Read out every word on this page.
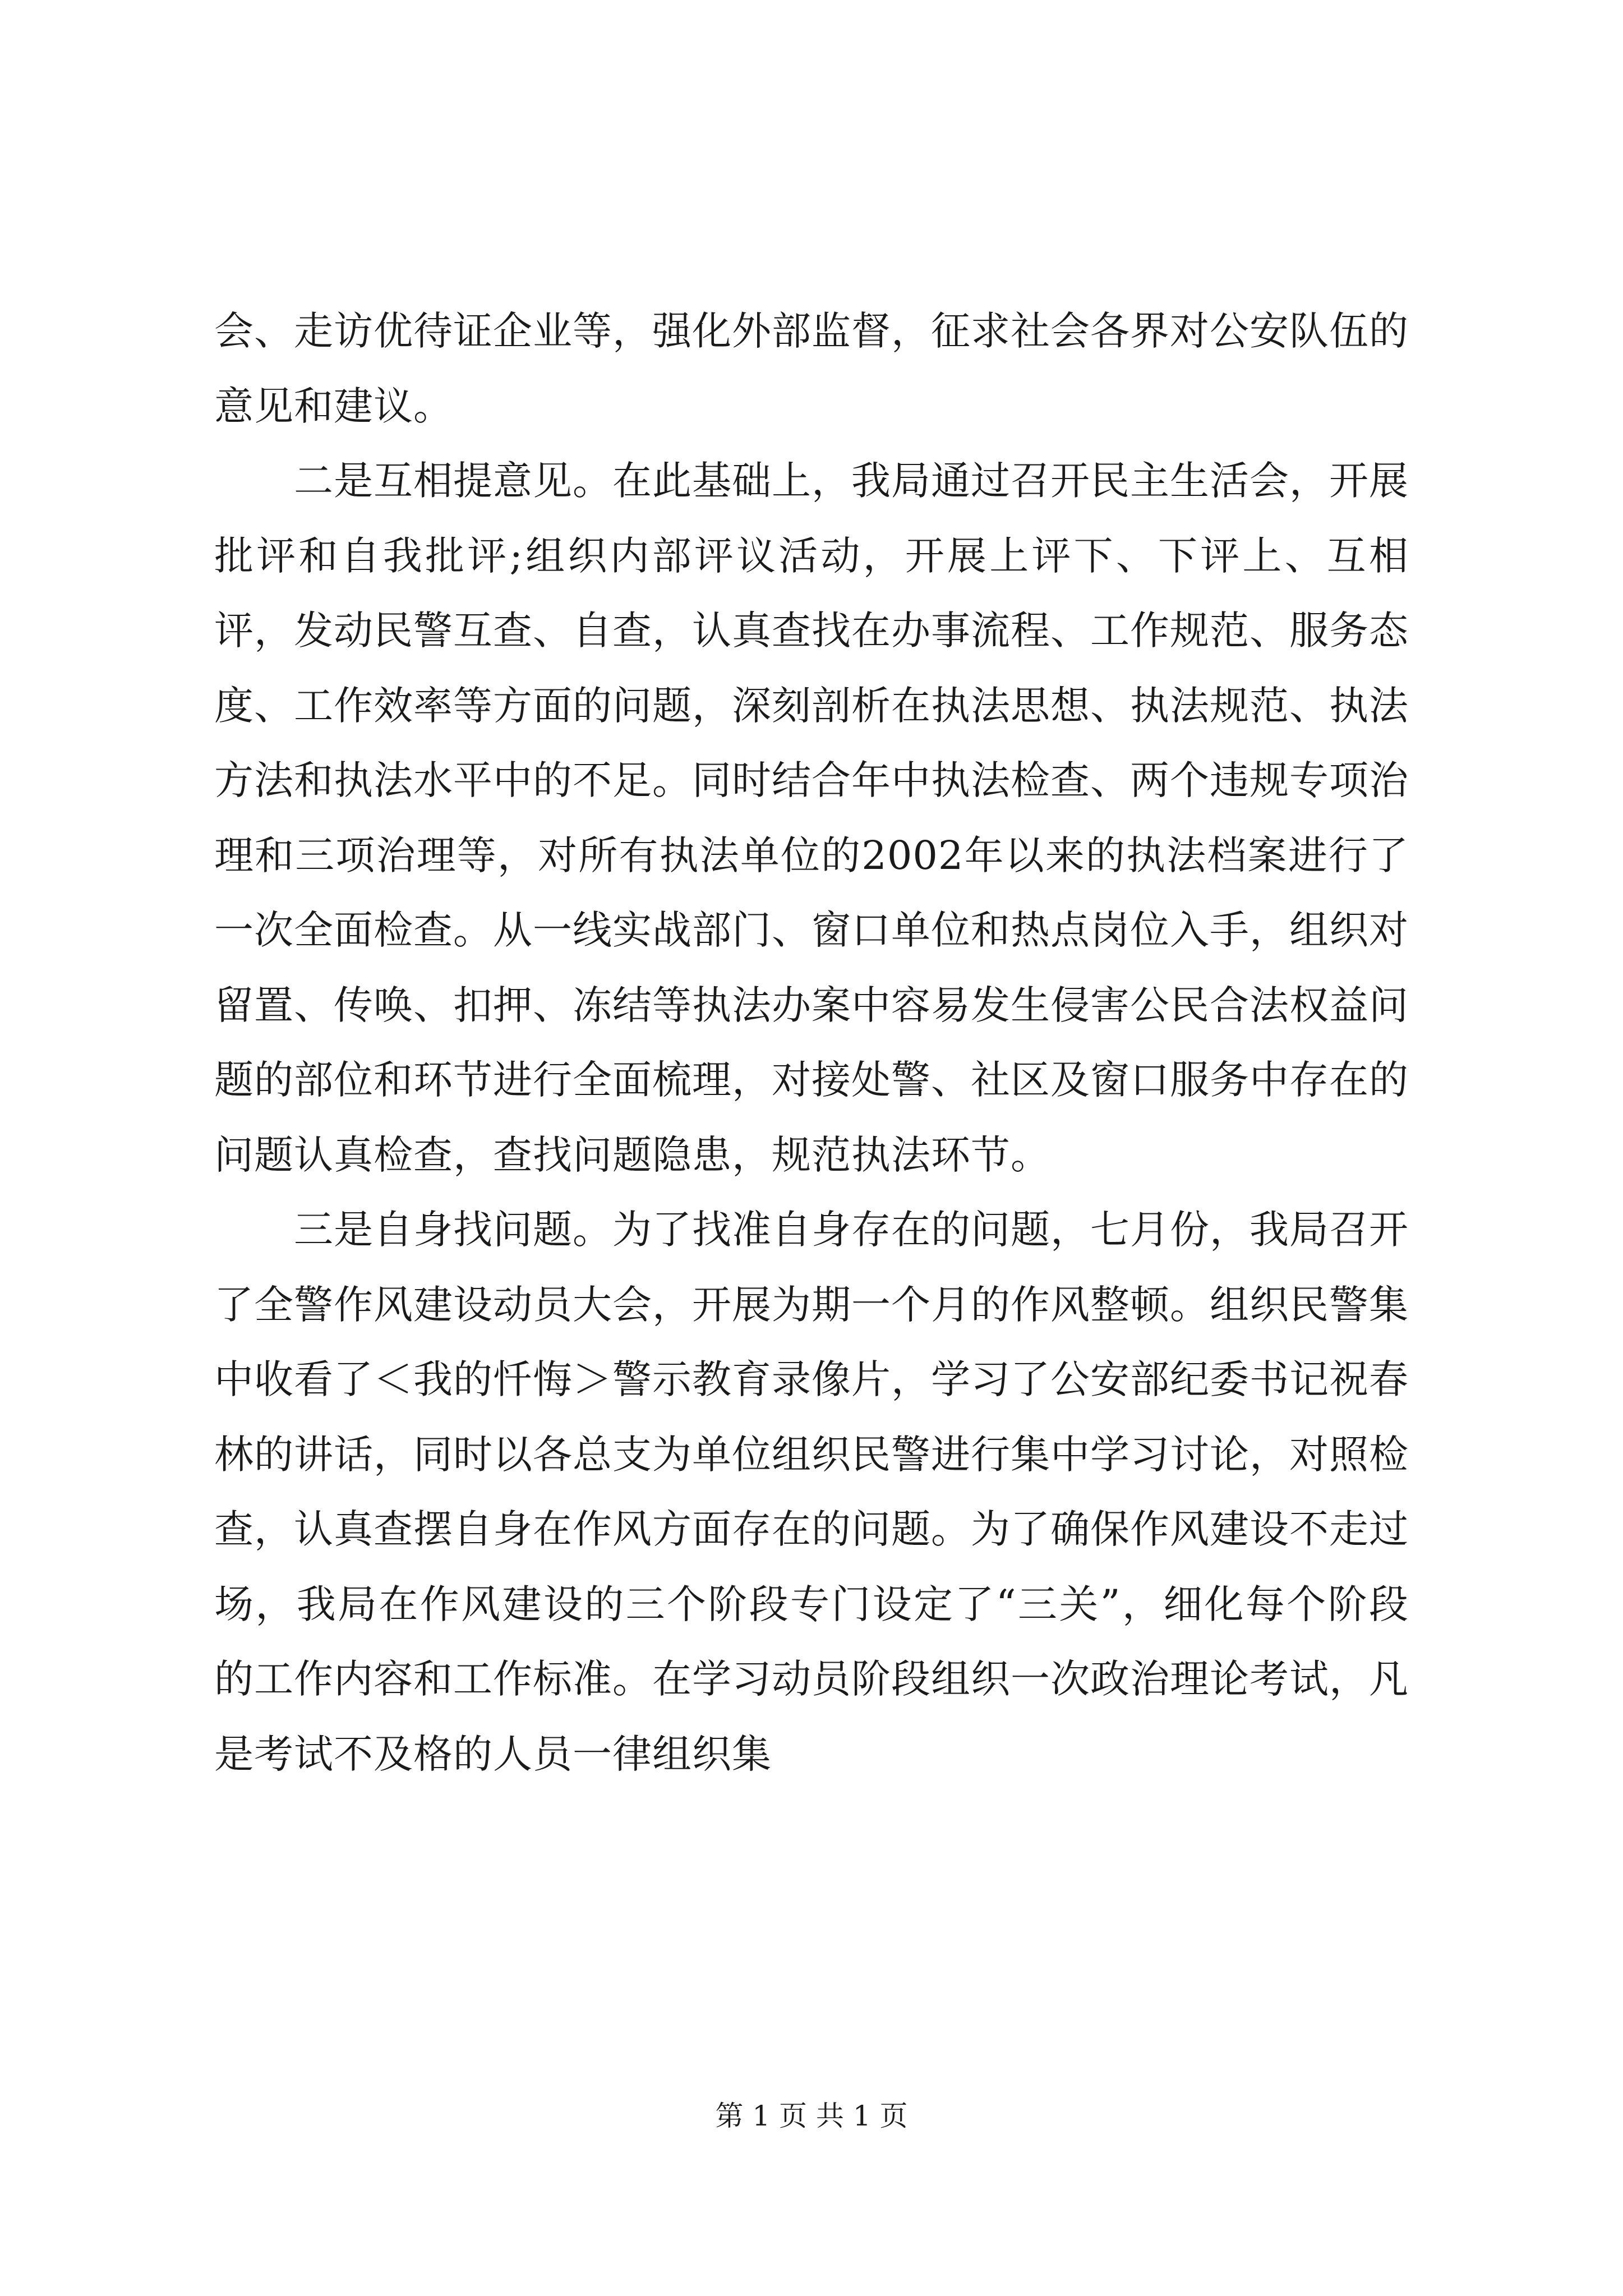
会、走访优待证企业等，强化外部监督，征求社会各界对公安队伍的意见和建议。

二是互相提意见。在此基础上，我局通过召开民主生活会，开展批评和自我批评;组织内部评议活动，开展上评下、下评上、互相评，发动民警互查、自查，认真查找在办事流程、工作规范、服务态度、工作效率等方面的问题，深刻剖析在执法思想、执法规范、执法方法和执法水平中的不足。同时结合年中执法检查、两个违规专项治理和三项治理等，对所有执法单位的2002年以来的执法档案进行了一次全面检查。从一线实战部门、窗口单位和热点岗位入手，组织对留置、传唤、扣押、冻结等执法办案中容易发生侵害公民合法权益问题的部位和环节进行全面梳理，对接处警、社区及窗口服务中存在的问题认真检查，查找问题隐患，规范执法环节。

三是自身找问题。为了找准自身存在的问题，七月份，我局召开了全警作风建设动员大会，开展为期一个月的作风整顿。组织民警集中收看了＜我的忏悔＞警示教育录像片，学习了公安部纪委书记祝春林的讲话，同时以各总支为单位组织民警进行集中学习讨论，对照检查，认真查摆自身在作风方面存在的问题。为了确保作风建设不走过场，我局在作风建设的三个阶段专门设定了“三关”，细化每个阶段的工作内容和工作标准。在学习动员阶段组织一次政治理论考试，凡是考试不及格的人员一律组织集

第 1 页 共 1 页
